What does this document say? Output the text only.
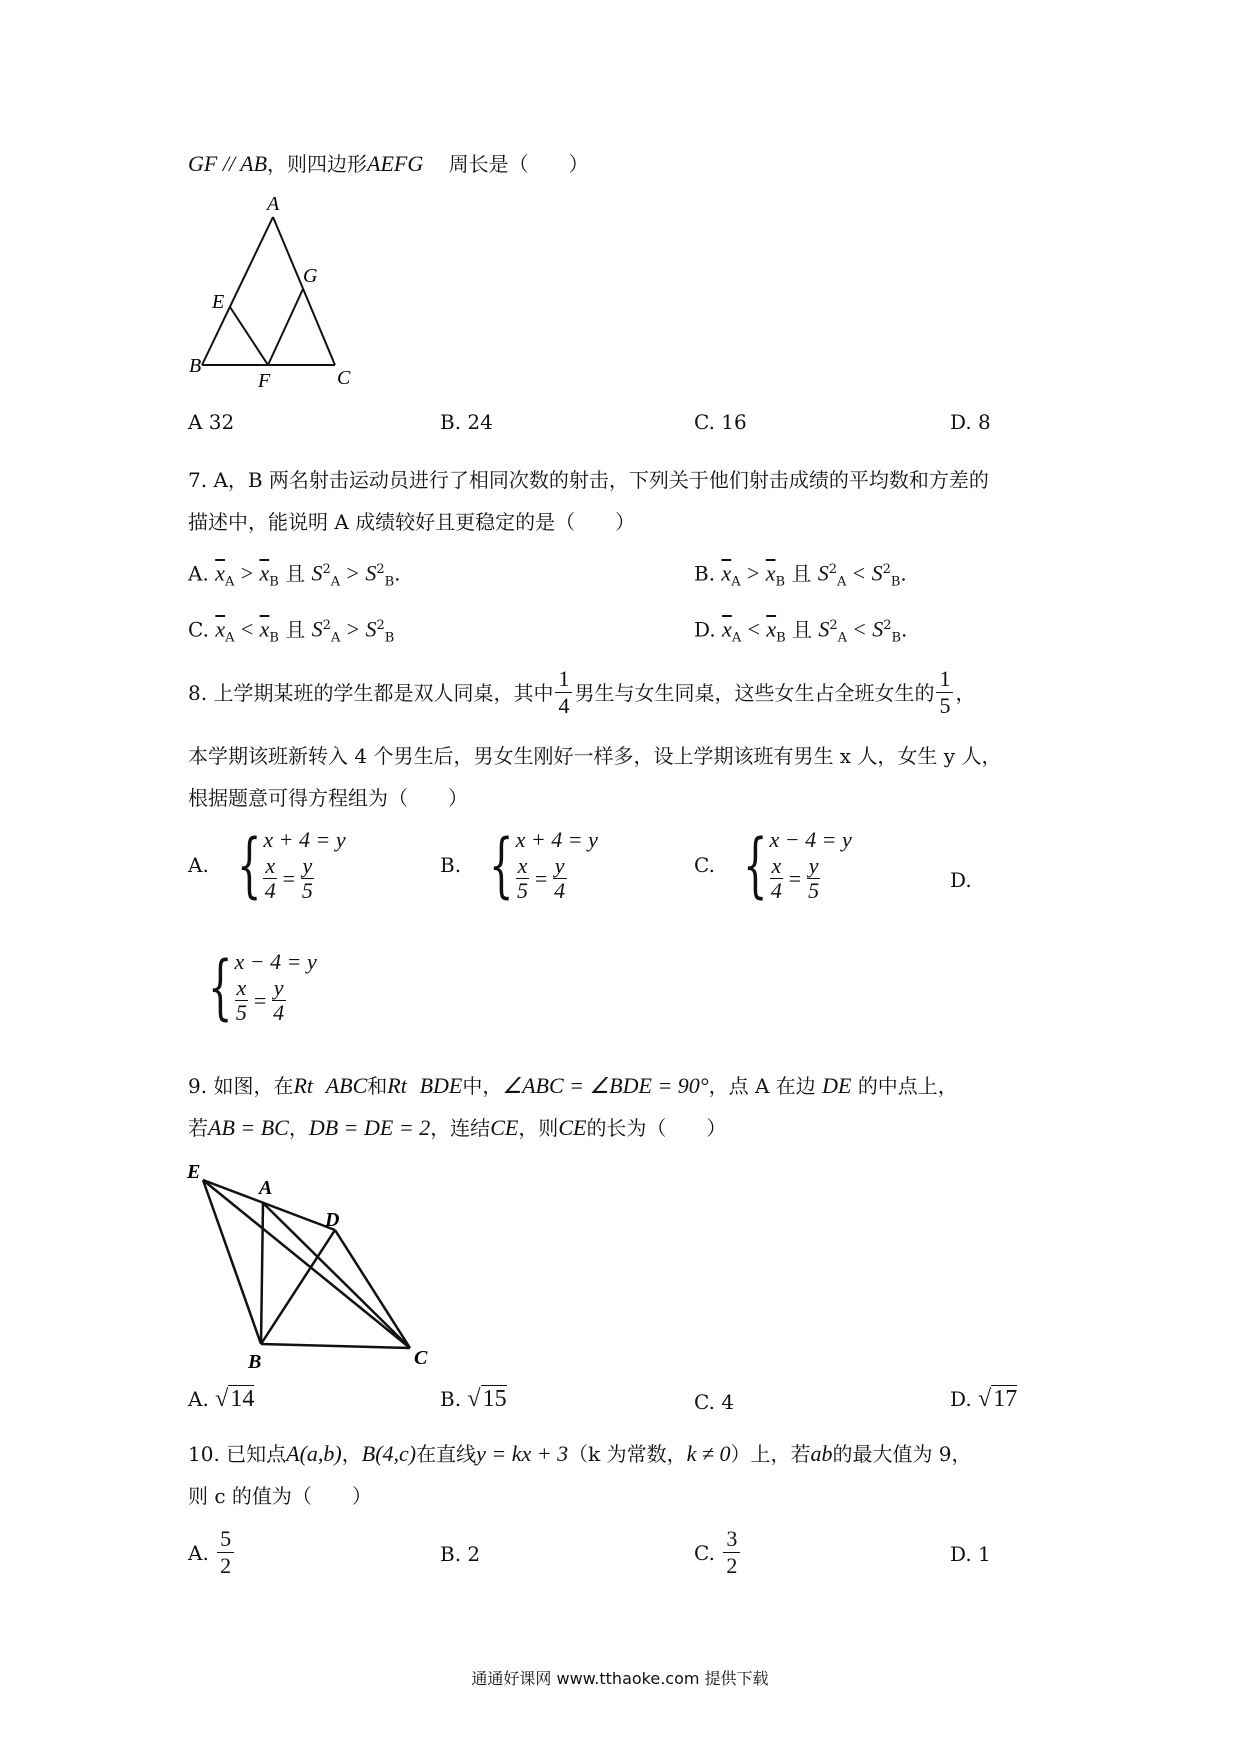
GF // AB，则四边形AEFG 周长是（　　）
A
E
G
B
F	C
A 32	B. 24	C. 16	D. 8
7. A，B 两名射击运动员进行了相同次数的射击，下列关于他们射击成绩的平均数和方差的
描述中，能说明 A 成绩较好且更稳定的是（　　）
A. $\overline{x}_A > \overline{x}_B$ 且 $S^2_A > S^2_B$.	B. $\overline{x}_A > \overline{x}_B$ 且 $S^2_A < S^2_B$.
C. $\overline{x}_A < \overline{x}_B$ 且 $S^2_A > S^2_B$	D. $\overline{x}_A < \overline{x}_B$ 且 $S^2_A < S^2_B$.
8. 上学期某班的学生都是双人同桌，其中 $\frac{1}{4}$ 男生与女生同桌，这些女生占全班女生的 $\frac{1}{5}$ ，
本学期该班新转入 4 个男生后，男女生刚好一样多，设上学期该班有男生 x 人，女生 y 人，
根据题意可得方程组为（　　）
A. { x + 4 = y
$\frac{x}{4}$
=
$\frac{y}{5}$	B. { x + 4 = y
$\frac{x}{5}$
=
$\frac{y}{4}$	C. { x − 4 = y
$\frac{x}{4}$
=
$\frac{y}{5}$	D.
{ x − 4 = y
$\frac{x}{5}$
=
$\frac{y}{4}$
9. 如图，在Rt ABC和Rt BDE中，∠ABC = ∠BDE = 90°，点 A 在边 DE 的中点上，
若AB = BC，DB = DE = 2，连结CE，则CE的长为（　　）
E
A
D
B	C
A. √14	B. √15	C. 4	D. √17
10. 已知点A(a,b)，B(4,c)在直线y = kx + 3（k 为常数，k ≠ 0）上，若ab的最大值为 9，
则 c 的值为（　　）
A.
$\frac{5}{2}$	B. 2	C.
$\frac{3}{2}$	D. 1
通通好课网 www.tthaoke.com 提供下载
